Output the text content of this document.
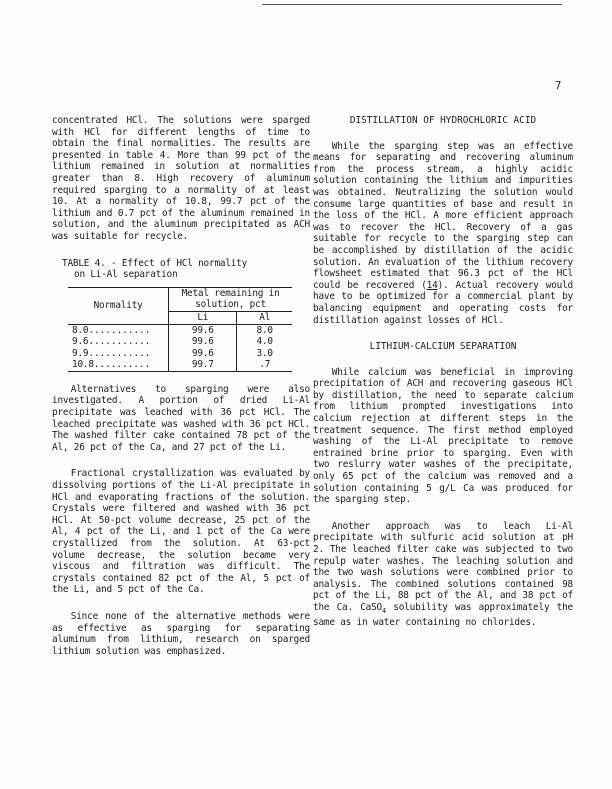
7

concentrated HCl. The solutions were sparged with HCl for different lengths of time to obtain the final normalities. The results are presented in table 4. More than 99 pct of the lithium remained in solution at normalities greater than 8. High recovery of aluminum required sparging to a normality of at least 10. At a normality of 10.8, 99.7 pct of the lithium and 0.7 pct of the aluminum remained in solution, and the aluminum precipitated as ACH was suitable for recycle.

TABLE 4. - Effect of HCl normality
on Li-Al separation
Normality	Metal remaining in	
	solution, pct	
	Li	Al
8.0...........	99.6	8.0
9.6...........	99.6	4.0
9.9...........	99.6	3.0
10.8..........	99.7	.7

Alternatives to sparging were also investigated. A portion of dried Li-Al precipitate was leached with 36 pct HCl. The leached precipitate was washed with 36 pct HCl. The washed filter cake contained 78 pct of the Al, 26 pct of the Ca, and 27 pct of the Li.

Fractional crystallization was evaluated by dissolving portions of the Li-Al precipitate in HCl and evaporating fractions of the solution. Crystals were filtered and washed with 36 pct HCl. At 50-pct volume decrease, 25 pct of the Al, 4 pct of the Li, and 1 pct of the Ca were crystallized from the solution. At 63-pct volume decrease, the solution became very viscous and filtration was difficult. The crystals contained 82 pct of the Al, 5 pct of the Li, and 5 pct of the Ca.

Since none of the alternative methods were as effective as sparging for separating aluminum from lithium, research on sparged lithium solution was emphasized.

DISTILLATION OF HYDROCHLORIC ACID

While the sparging step was an effective means for separating and recovering aluminum from the process stream, a highly acidic solution containing the lithium and impurities was obtained. Neutralizing the solution would consume large quantities of base and result in the loss of the HCl. A more efficient approach was to recover the HCl. Recovery of a gas suitable for recycle to the sparging step can be accomplished by distillation of the acidic solution. An evaluation of the lithium recovery flowsheet estimated that 96.3 pct of the HCl could be recovered (14). Actual recovery would have to be optimized for a commercial plant by balancing equipment and operating costs for distillation against losses of HCl.

LITHIUM-CALCIUM SEPARATION

While calcium was beneficial in improving precipitation of ACH and recovering gaseous HCl by distillation, the need to separate calcium from lithium prompted investigations into calcium rejection at different steps in the treatment sequence. The first method employed washing of the Li-Al precipitate to remove entrained brine prior to sparging. Even with two reslurry water washes of the precipitate, only 65 pct of the calcium was removed and a solution containing 5 g/L Ca was produced for the sparging step.

Another approach was to leach Li-Al precipitate with sulfuric acid solution at pH 2. The leached filter cake was subjected to two repulp water washes. The leaching solution and the two wash solutions were combined prior to analysis. The combined solutions contained 98 pct of the Li, 88 pct of the Al, and 38 pct of the Ca. CaSO$_4$ solubility was approximately the same as in water containing no chlorides.
